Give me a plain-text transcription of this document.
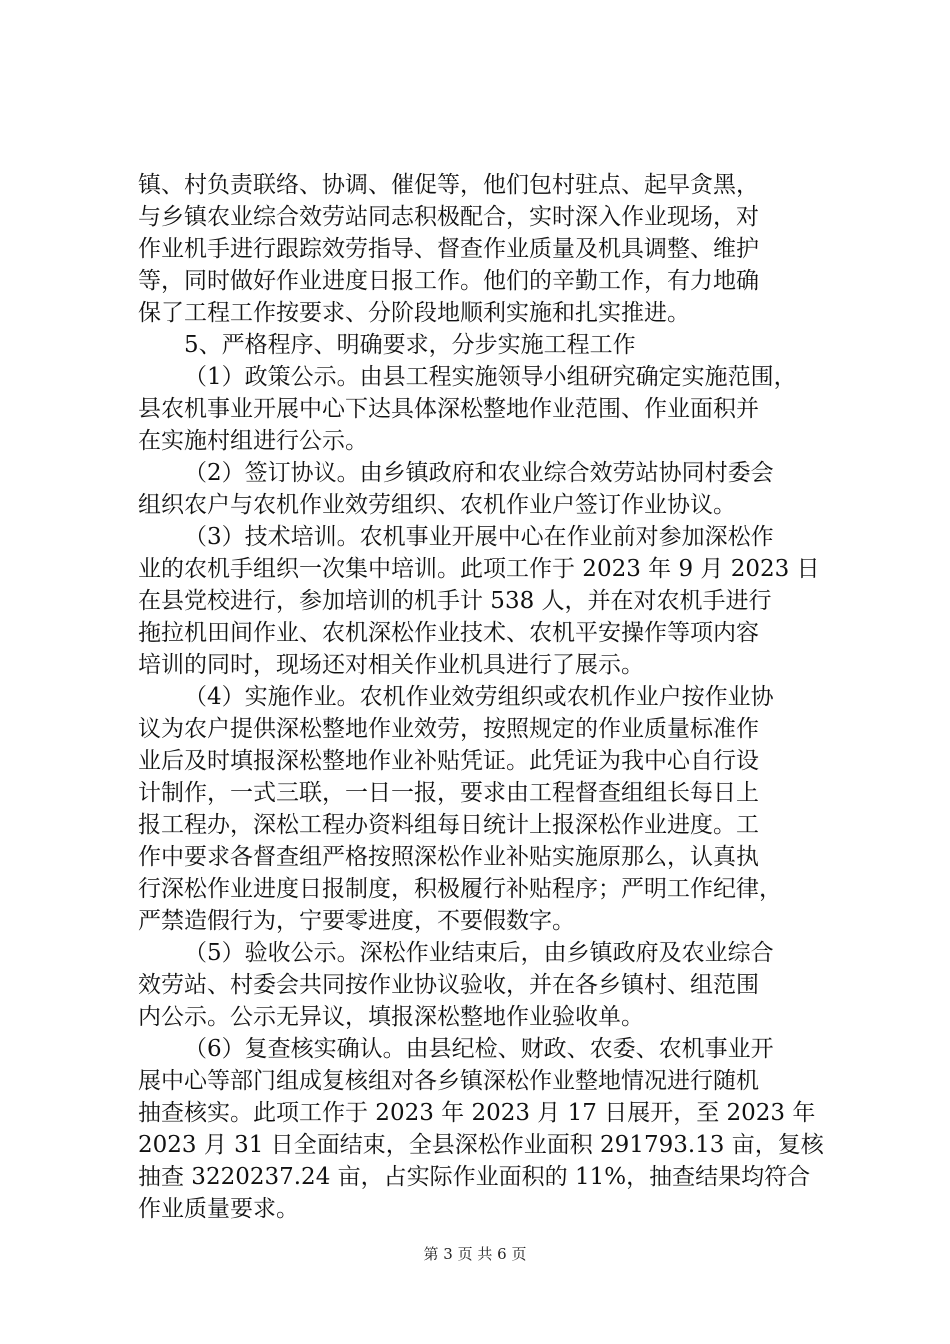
镇、村负责联络、协调、催促等，他们包村驻点、起早贪黑，

与乡镇农业综合效劳站同志积极配合，实时深入作业现场，对

作业机手进行跟踪效劳指导、督查作业质量及机具调整、维护

等，同时做好作业进度日报工作。他们的辛勤工作，有力地确

保了工程工作按要求、分阶段地顺利实施和扎实推进。

5、严格程序、明确要求，分步实施工程工作

（1）政策公示。由县工程实施领导小组研究确定实施范围，

县农机事业开展中心下达具体深松整地作业范围、作业面积并

在实施村组进行公示。

（2）签订协议。由乡镇政府和农业综合效劳站协同村委会

组织农户与农机作业效劳组织、农机作业户签订作业协议。

（3）技术培训。农机事业开展中心在作业前对参加深松作

业的农机手组织一次集中培训。此项工作于 2023 年 9 月 2023 日

在县党校进行，参加培训的机手计 538 人，并在对农机手进行

拖拉机田间作业、农机深松作业技术、农机平安操作等项内容

培训的同时，现场还对相关作业机具进行了展示。

（4）实施作业。农机作业效劳组织或农机作业户按作业协

议为农户提供深松整地作业效劳，按照规定的作业质量标准作

业后及时填报深松整地作业补贴凭证。此凭证为我中心自行设

计制作，一式三联，一日一报，要求由工程督查组组长每日上

报工程办，深松工程办资料组每日统计上报深松作业进度。工

作中要求各督查组严格按照深松作业补贴实施原那么，认真执

行深松作业进度日报制度，积极履行补贴程序；严明工作纪律，

严禁造假行为，宁要零进度，不要假数字。

（5）验收公示。深松作业结束后，由乡镇政府及农业综合

效劳站、村委会共同按作业协议验收，并在各乡镇村、组范围

内公示。公示无异议，填报深松整地作业验收单。

（6）复查核实确认。由县纪检、财政、农委、农机事业开

展中心等部门组成复核组对各乡镇深松作业整地情况进行随机

抽查核实。此项工作于 2023 年 2023 月 17 日展开，至 2023 年

2023 月 31 日全面结束，全县深松作业面积 291793.13 亩，复核

抽查 3220237.24 亩，占实际作业面积的 11%，抽查结果均符合

作业质量要求。

第 3 页 共 6 页
